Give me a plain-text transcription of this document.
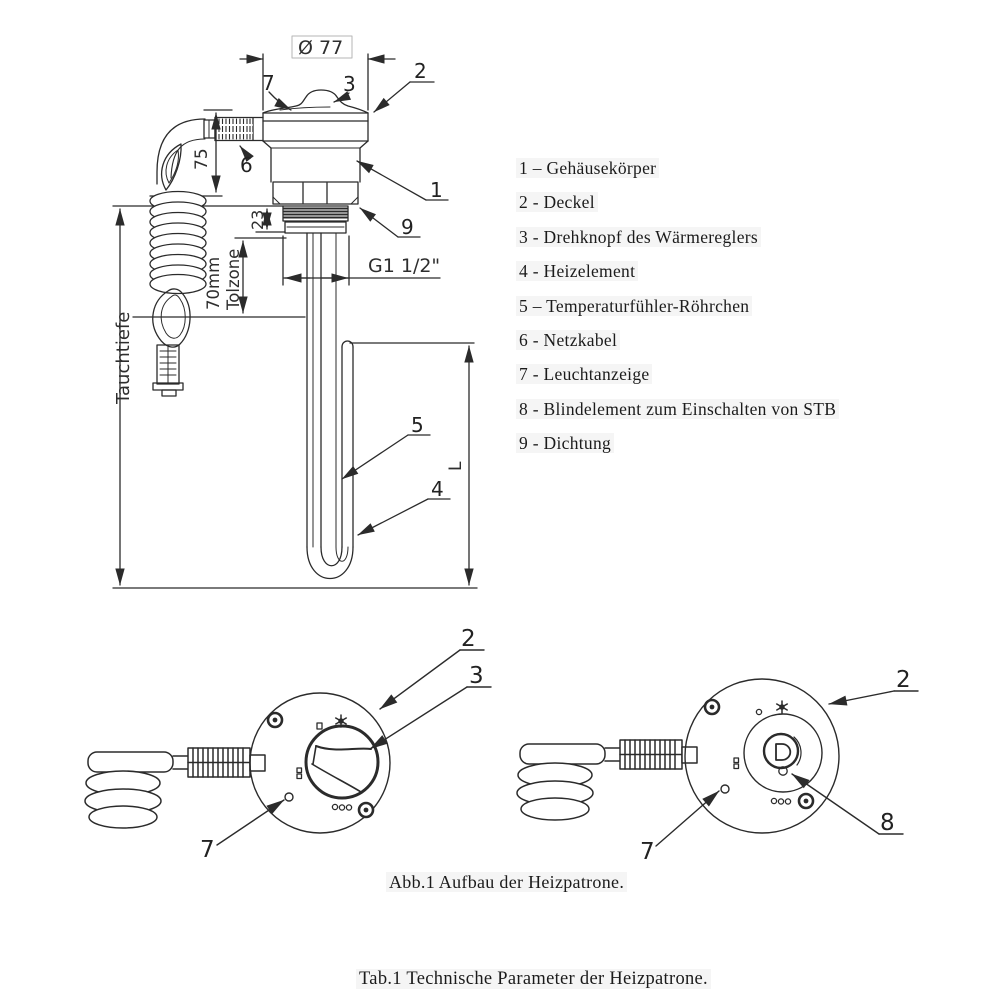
Ø 77
7	3
2
6
1
9
5
4
G1 1/2"
75
23
70mm Tolzone
Tauchtiefe
L
2
3
7
2
7
8
1 – Gehäusekörper
2 - Deckel
3 - Drehknopf des Wärmereglers
4 - Heizelement
5 – Temperaturfühler-Röhrchen
6 - Netzkabel
7 - Leuchtanzeige
8 - Blindelement zum Einschalten von STB
9 - Dichtung
Abb.1 Aufbau der Heizpatrone.
Tab.1 Technische Parameter der Heizpatrone.
